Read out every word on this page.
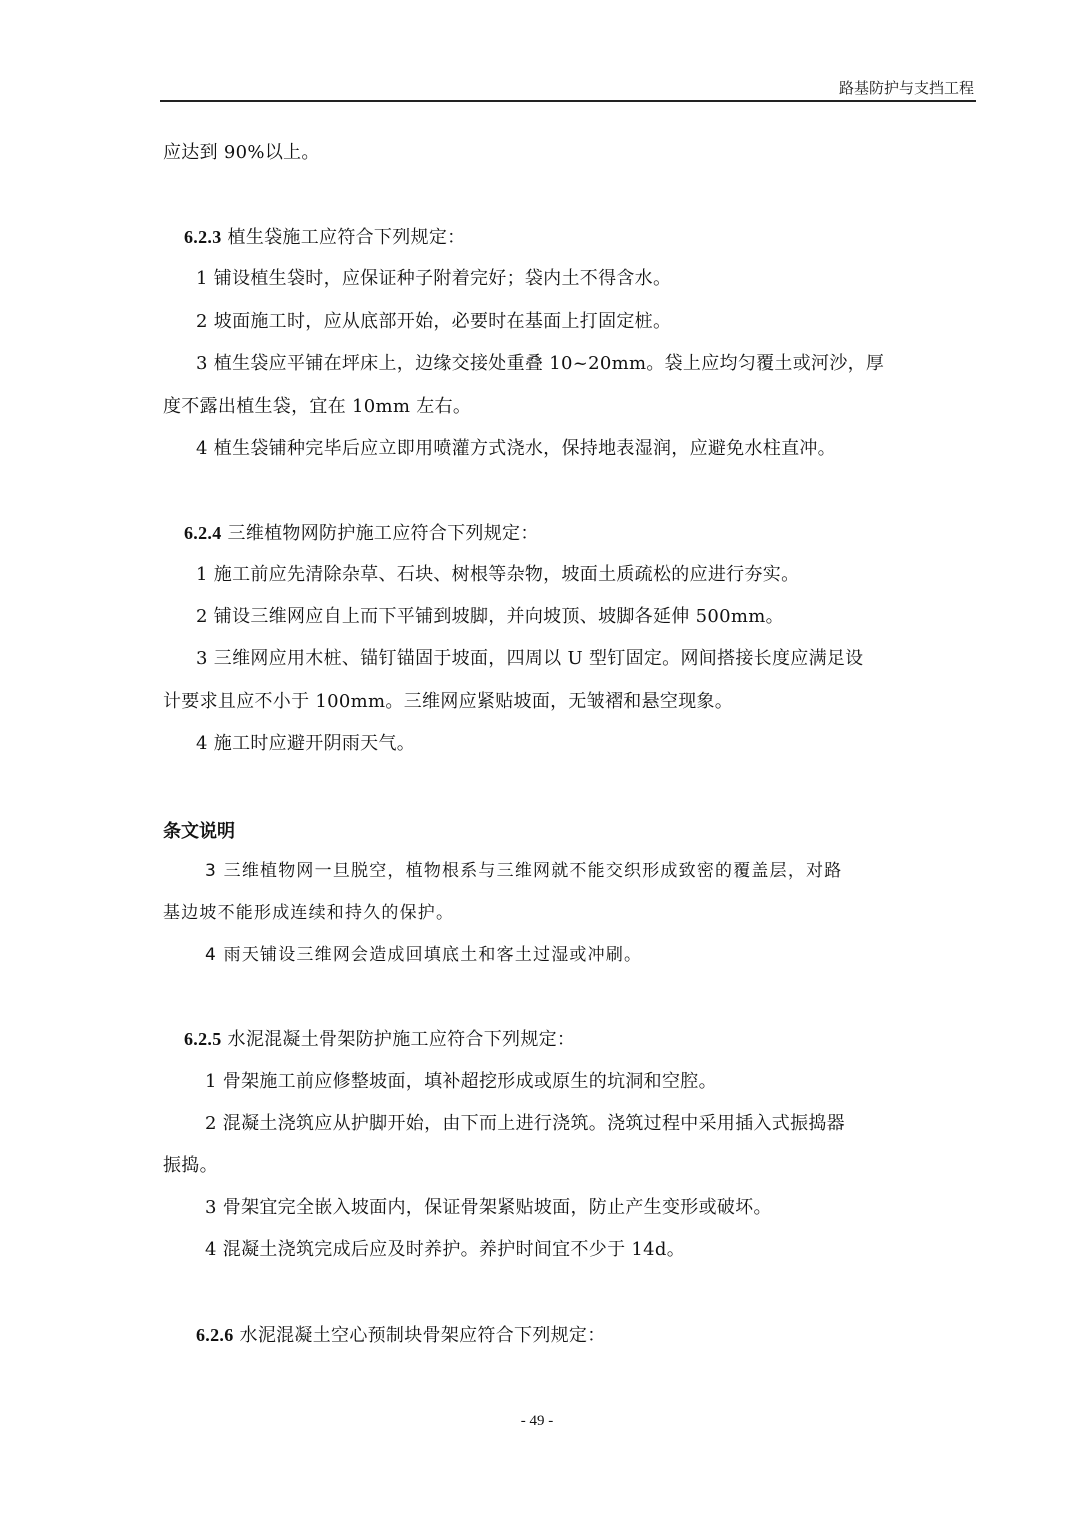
路基防护与支挡工程
应达到 90%以上。
6.2.3 植生袋施工应符合下列规定：
1 铺设植生袋时，应保证种子附着完好；袋内土不得含水。
2 坡面施工时，应从底部开始，必要时在基面上打固定桩。
3 植生袋应平铺在坪床上，边缘交接处重叠 10~20mm。袋上应均匀覆土或河沙，厚
度不露出植生袋，宜在 10mm 左右。
4 植生袋铺种完毕后应立即用喷灌方式浇水，保持地表湿润，应避免水柱直冲。
6.2.4 三维植物网防护施工应符合下列规定：
1 施工前应先清除杂草、石块、树根等杂物，坡面土质疏松的应进行夯实。
2 铺设三维网应自上而下平铺到坡脚，并向坡顶、坡脚各延伸 500mm。
3 三维网应用木桩、锚钉锚固于坡面，四周以 U 型钉固定。网间搭接长度应满足设
计要求且应不小于 100mm。三维网应紧贴坡面，无皱褶和悬空现象。
4 施工时应避开阴雨天气。
条文说明
3 三维植物网一旦脱空，植物根系与三维网就不能交织形成致密的覆盖层，对路
基边坡不能形成连续和持久的保护。
4 雨天铺设三维网会造成回填底土和客土过湿或冲刷。
6.2.5 水泥混凝土骨架防护施工应符合下列规定：
1 骨架施工前应修整坡面，填补超挖形成或原生的坑洞和空腔。
2 混凝土浇筑应从护脚开始，由下而上进行浇筑。浇筑过程中采用插入式振捣器
振捣。
3 骨架宜完全嵌入坡面内，保证骨架紧贴坡面，防止产生变形或破坏。
4 混凝土浇筑完成后应及时养护。养护时间宜不少于 14d。
6.2.6 水泥混凝土空心预制块骨架应符合下列规定：
- 49 -
